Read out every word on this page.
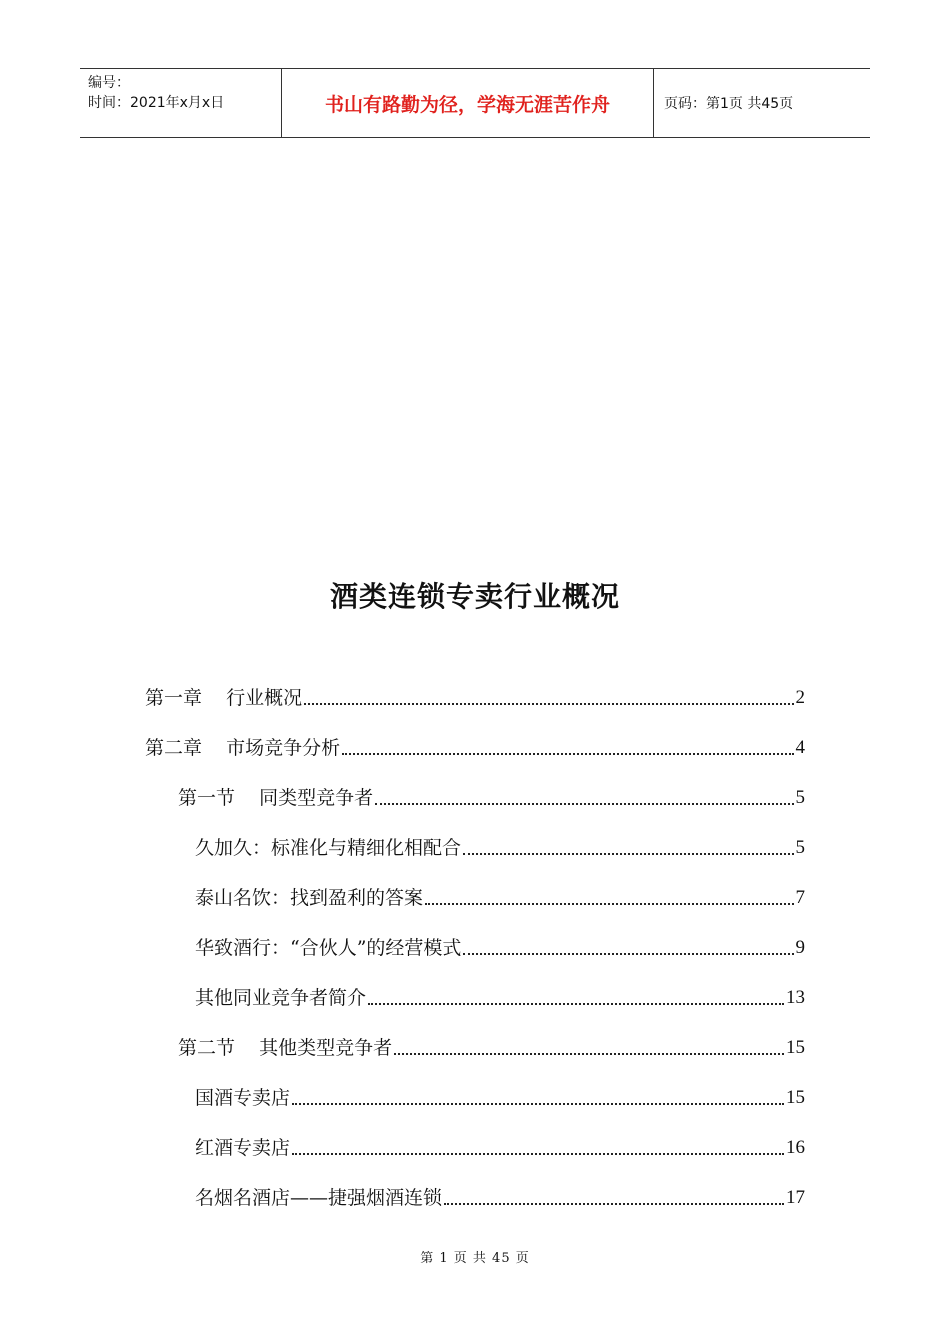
编号：
时间：2021年x月x日	书山有路勤为径，学海无涯苦作舟	页码：第1页 共45页
酒类连锁专卖行业概况
第一章    行业概况	2
第二章    市场竞争分析	4
第一节    同类型竞争者	5
久加久：标准化与精细化相配合	5
泰山名饮：找到盈利的答案	7
华致酒行：“合伙人”的经营模式	9
其他同业竞争者简介	13
第二节    其他类型竞争者	15
国酒专卖店	15
红酒专卖店	16
名烟名酒店——捷强烟酒连锁	17
第 1 页 共 45 页
